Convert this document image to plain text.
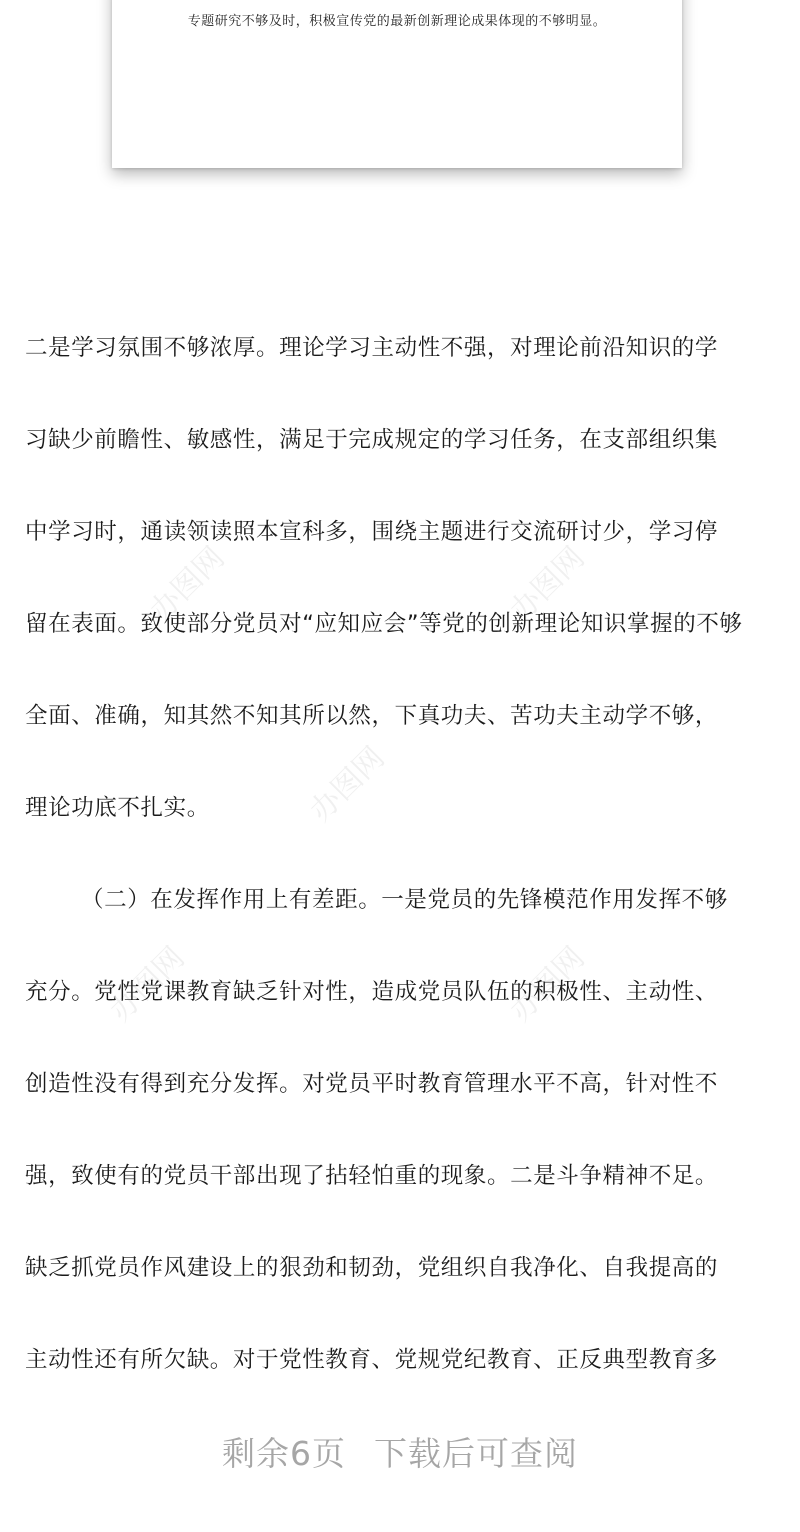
专题研究不够及时，积极宣传党的最新创新理论成果体现的不够明显。
办图网	办图网
办图网
办图网	办图网
二是学习氛围不够浓厚。理论学习主动性不强，对理论前沿知识的学
习缺少前瞻性、敏感性，满足于完成规定的学习任务，在支部组织集
中学习时，通读领读照本宣科多，围绕主题进行交流研讨少，学习停
留在表面。致使部分党员对“应知应会”等党的创新理论知识掌握的不够
全面、准确，知其然不知其所以然，下真功夫、苦功夫主动学不够，
理论功底不扎实。
（二）在发挥作用上有差距。一是党员的先锋模范作用发挥不够
充分。党性党课教育缺乏针对性，造成党员队伍的积极性、主动性、
创造性没有得到充分发挥。对党员平时教育管理水平不高，针对性不
强，致使有的党员干部出现了拈轻怕重的现象。二是斗争精神不足。
缺乏抓党员作风建设上的狠劲和韧劲，党组织自我净化、自我提高的
主动性还有所欠缺。对于党性教育、党规党纪教育、正反典型教育多
剩余6页 下载后可查阅
